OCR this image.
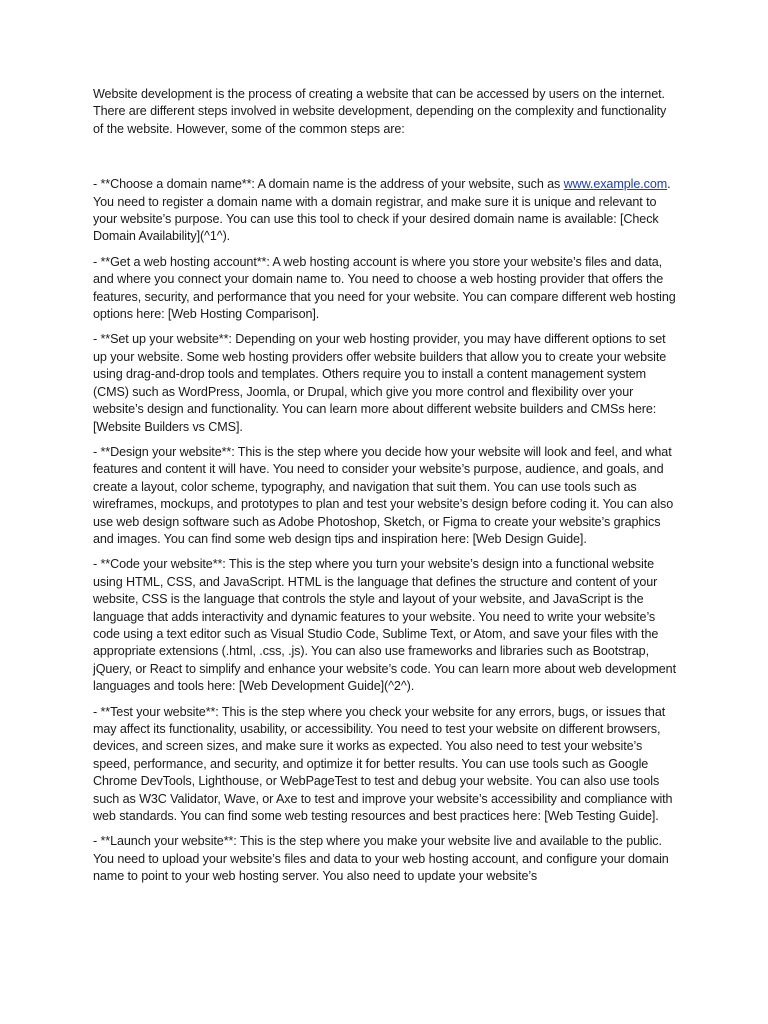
Website development is the process of creating a website that can be accessed by users on the internet. There are different steps involved in website development, depending on the complexity and functionality of the website. However, some of the common steps are:

- **Choose a domain name**: A domain name is the address of your website, such as www.example.com. You need to register a domain name with a domain registrar, and make sure it is unique and relevant to your website’s purpose. You can use this tool to check if your desired domain name is available: [Check Domain Availability](^1^).

- **Get a web hosting account**: A web hosting account is where you store your website’s files and data, and where you connect your domain name to. You need to choose a web hosting provider that offers the features, security, and performance that you need for your website. You can compare different web hosting options here: [Web Hosting Comparison].

- **Set up your website**: Depending on your web hosting provider, you may have different options to set up your website. Some web hosting providers offer website builders that allow you to create your website using drag-and-drop tools and templates. Others require you to install a content management system (CMS) such as WordPress, Joomla, or Drupal, which give you more control and flexibility over your website’s design and functionality. You can learn more about different website builders and CMSs here: [Website Builders vs CMS].

- **Design your website**: This is the step where you decide how your website will look and feel, and what features and content it will have. You need to consider your website’s purpose, audience, and goals, and create a layout, color scheme, typography, and navigation that suit them. You can use tools such as wireframes, mockups, and prototypes to plan and test your website’s design before coding it. You can also use web design software such as Adobe Photoshop, Sketch, or Figma to create your website’s graphics and images. You can find some web design tips and inspiration here: [Web Design Guide].

- **Code your website**: This is the step where you turn your website’s design into a functional website using HTML, CSS, and JavaScript. HTML is the language that defines the structure and content of your website, CSS is the language that controls the style and layout of your website, and JavaScript is the language that adds interactivity and dynamic features to your website. You need to write your website’s code using a text editor such as Visual Studio Code, Sublime Text, or Atom, and save your files with the appropriate extensions (.html, .css, .js). You can also use frameworks and libraries such as Bootstrap, jQuery, or React to simplify and enhance your website’s code. You can learn more about web development languages and tools here: [Web Development Guide](^2^).

- **Test your website**: This is the step where you check your website for any errors, bugs, or issues that may affect its functionality, usability, or accessibility. You need to test your website on different browsers, devices, and screen sizes, and make sure it works as expected. You also need to test your website’s speed, performance, and security, and optimize it for better results. You can use tools such as Google Chrome DevTools, Lighthouse, or WebPageTest to test and debug your website. You can also use tools such as W3C Validator, Wave, or Axe to test and improve your website’s accessibility and compliance with web standards. You can find some web testing resources and best practices here: [Web Testing Guide].

- **Launch your website**: This is the step where you make your website live and available to the public. You need to upload your website’s files and data to your web hosting account, and configure your domain name to point to your web hosting server. You also need to update your website’s
